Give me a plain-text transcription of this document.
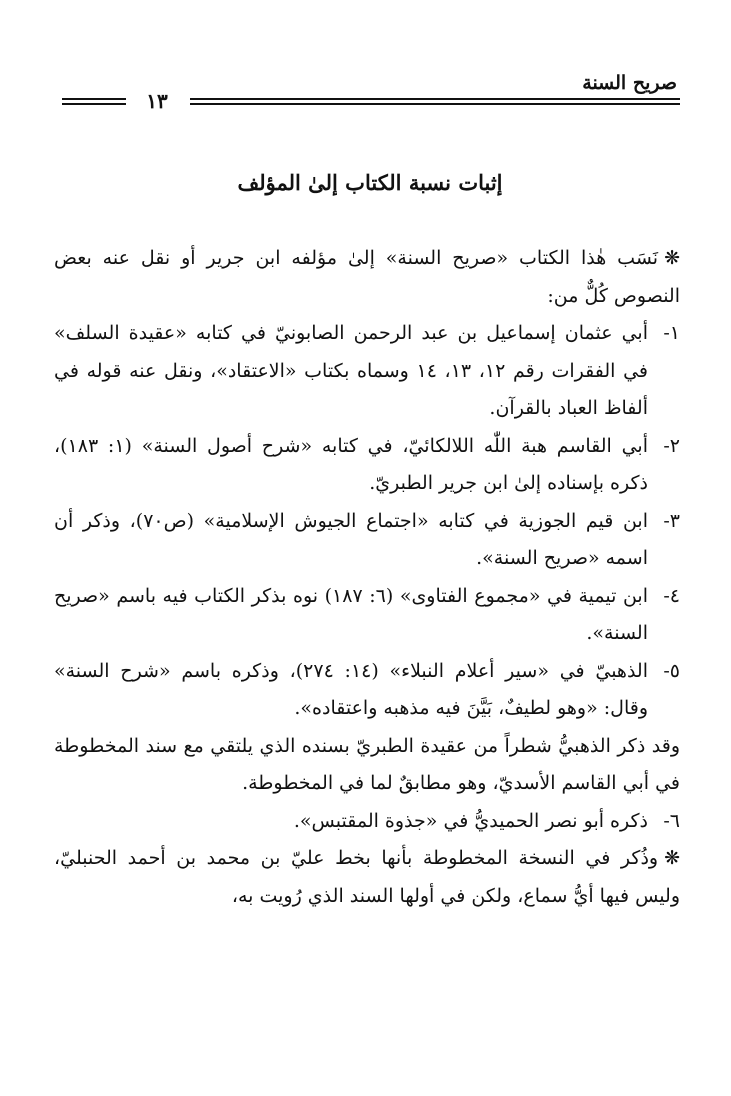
صريح السنة
١٣
إثبات نسبة الكتاب إلىٰ المؤلف

❋نَسَب هٰذا الكتاب «صريح السنة» إلىٰ مؤلفه ابن جرير أو نقل عنه بعض النصوص كُلٌّ من:

١-
أبي عثمان إسماعيل بن عبد الرحمن الصابونيّ في كتابه «عقيدة السلف» في الفقرات رقم ١٢، ١٣، ١٤ وسماه بكتاب «الاعتقاد»، ونقل عنه قوله في ألفاظ العباد بالقرآن.
٢-
أبي القاسم هبة اللّٰه اللالكائيّ، في كتابه «شرح أصول السنة» (١: ١٨٣)، ذكره بإسناده إلىٰ ابن جرير الطبريّ.
٣-
ابن قيم الجوزية في كتابه «اجتماع الجيوش الإسلامية» (ص٧٠)، وذكر أن اسمه «صريح السنة».
٤-
ابن تيمية في «مجموع الفتاوى» (٦: ١٨٧) نوه بذكر الكتاب فيه باسم «صريح السنة».
٥-
الذهبيّ في «سير أعلام النبلاء» (١٤: ٢٧٤)، وذكره باسم «شرح السنة» وقال: «وهو لطيفٌ، بَيَّنَ فيه مذهبه واعتقاده».

وقد ذكر الذهبيُّ شطراً من عقيدة الطبريّ بسنده الذي يلتقي مع سند المخطوطة في أبي القاسم الأسديّ، وهو مطابقٌ لما في المخطوطة.

٦-
ذكره أبو نصر الحميديُّ في «جذوة المقتبس».

❋وذُكر في النسخة المخطوطة بأنها بخط عليّ بن محمد بن أحمد الحنبليّ، وليس فيها أيُّ سماع، ولكن في أولها السند الذي رُويت به،
